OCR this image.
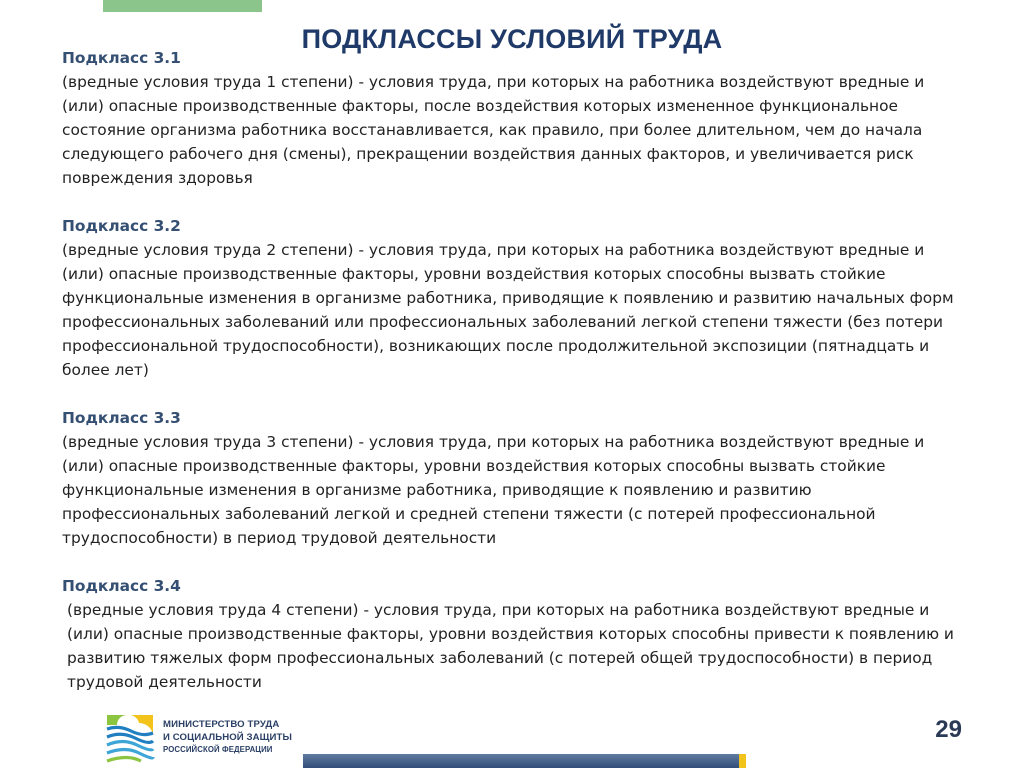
ПОДКЛАССЫ УСЛОВИЙ ТРУДА
Подкласс 3.1

(вредные условия труда 1 степени) - условия труда, при которых на работника воздействуют вредные и (или) опасные производственные факторы, после воздействия которых измененное функциональное состояние организма работника восстанавливается, как правило, при более длительном, чем до начала следующего рабочего дня (смены), прекращении воздействия данных факторов, и увеличивается риск повреждения здоровья

Подкласс 3.2

(вредные условия труда 2 степени) - условия труда, при которых на работника воздействуют вредные и (или) опасные производственные факторы, уровни воздействия которых способны вызвать стойкие функциональные изменения в организме работника, приводящие к появлению и развитию начальных форм профессиональных заболеваний или профессиональных заболеваний легкой степени тяжести (без потери профессиональной трудоспособности), возникающих после продолжительной экспозиции (пятнадцать и более лет)

Подкласс 3.3

(вредные условия труда 3 степени) - условия труда, при которых на работника воздействуют вредные и (или) опасные производственные факторы, уровни воздействия которых способны вызвать стойкие функциональные изменения в организме работника, приводящие к появлению и развитию профессиональных заболеваний легкой и средней степени тяжести (с потерей профессиональной трудоспособности) в период трудовой деятельности

Подкласс 3.4

(вредные условия труда 4 степени) - условия труда, при которых на работника воздействуют вредные и (или) опасные производственные факторы, уровни воздействия которых способны привести к появлению и развитию тяжелых форм профессиональных заболеваний (с потерей общей трудоспособности) в период трудовой деятельности

МИНИСТЕРСТВО ТРУДА
И СОЦИАЛЬНОЙ ЗАЩИТЫ
РОССИЙСКОЙ ФЕДЕРАЦИИ
29
